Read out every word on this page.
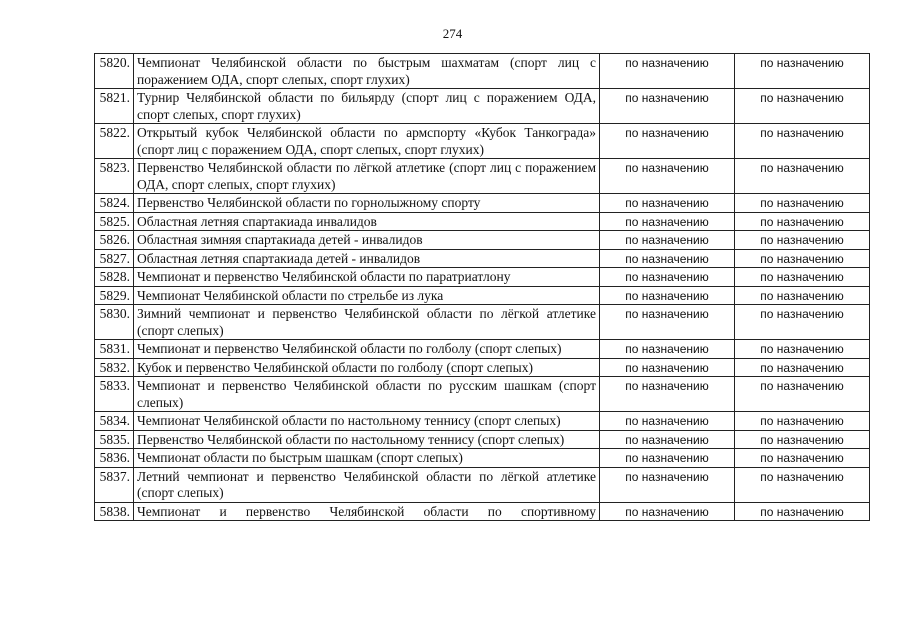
274
5820.	Чемпионат Челябинской области по быстрым шахматам (спорт лиц с поражением ОДА, спорт слепых, спорт глухих)	по назначению	по назначению
5821.	Турнир Челябинской области по бильярду (спорт лиц с поражением ОДА, спорт слепых, спорт глухих)	по назначению	по назначению
5822.	Открытый кубок Челябинской области по армспорту «Кубок Танкограда» (спорт лиц с поражением ОДА, спорт слепых, спорт глухих)	по назначению	по назначению
5823.	Первенство Челябинской области по лёгкой атлетике (спорт лиц с поражением ОДА, спорт слепых, спорт глухих)	по назначению	по назначению
5824.	Первенство Челябинской области по горнолыжному спорту	по назначению	по назначению
5825.	Областная летняя спартакиада инвалидов	по назначению	по назначению
5826.	Областная зимняя спартакиада детей - инвалидов	по назначению	по назначению
5827.	Областная летняя спартакиада детей - инвалидов	по назначению	по назначению
5828.	Чемпионат и первенство Челябинской области по паратриатлону	по назначению	по назначению
5829.	Чемпионат Челябинской области по стрельбе из лука	по назначению	по назначению
5830.	Зимний чемпионат и первенство Челябинской области по лёгкой атлетике (спорт слепых)	по назначению	по назначению
5831.	Чемпионат и первенство Челябинской области по голболу (спорт слепых)	по назначению	по назначению
5832.	Кубок и первенство Челябинской области по голболу (спорт слепых)	по назначению	по назначению
5833.	Чемпионат и первенство Челябинской области по русским шашкам (спорт слепых)	по назначению	по назначению
5834.	Чемпионат Челябинской области по настольному теннису (спорт слепых)	по назначению	по назначению
5835.	Первенство Челябинской области по настольному теннису (спорт слепых)	по назначению	по назначению
5836.	Чемпионат области по быстрым шашкам (спорт слепых)	по назначению	по назначению
5837.	Летний чемпионат и первенство Челябинской области по лёгкой атлетике (спорт слепых)	по назначению	по назначению
5838.	Чемпионат и первенство Челябинской области по спортивному	по назначению	по назначению
